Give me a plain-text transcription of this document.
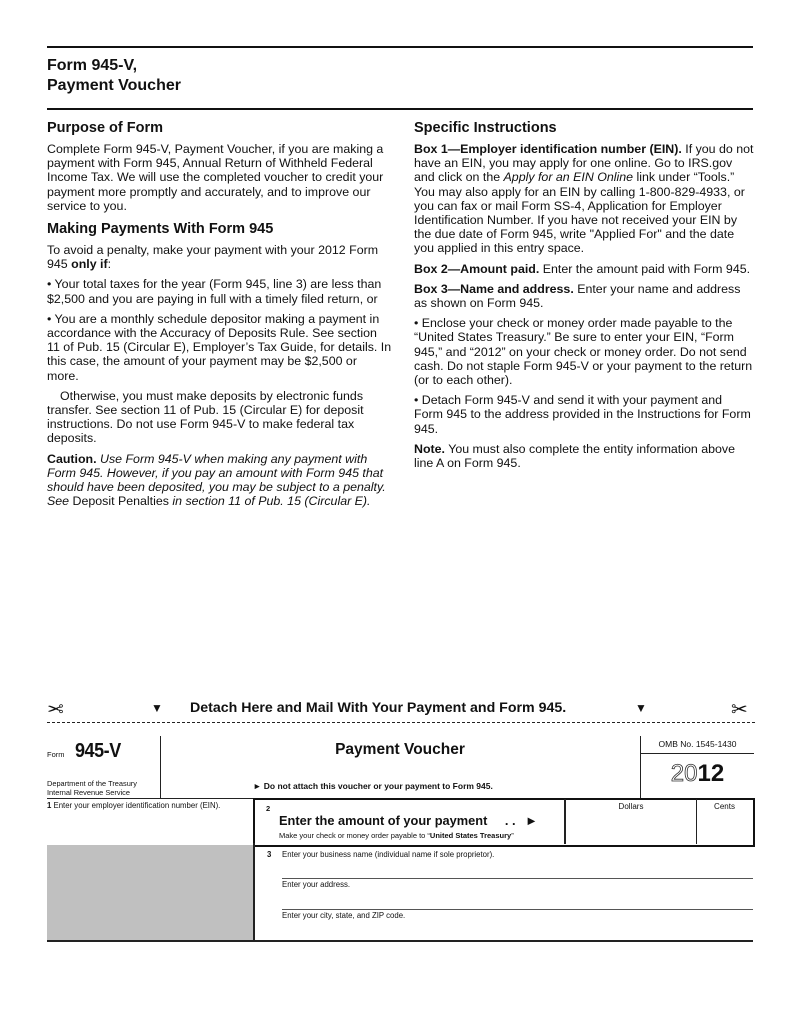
Form 945-V,
Payment Voucher
Purpose of Form

Complete Form 945-V, Payment Voucher, if you are making a payment with Form 945, Annual Return of Withheld Federal Income Tax. We will use the completed voucher to credit your payment more promptly and accurately, and to improve our service to you.

Making Payments With Form 945

To avoid a penalty, make your payment with your 2012 Form 945 only if:

• Your total taxes for the year (Form 945, line 3) are less than $2,500 and you are paying in full with a timely filed return, or

• You are a monthly schedule depositor making a payment in accordance with the Accuracy of Deposits Rule. See section 11 of Pub. 15 (Circular E), Employer’s Tax Guide, for details. In this case, the amount of your payment may be $2,500 or more.

Otherwise, you must make deposits by electronic funds transfer. See section 11 of Pub. 15 (Circular E) for deposit instructions. Do not use Form 945-V to make federal tax deposits.

Caution. Use Form 945-V when making any payment with Form 945. However, if you pay an amount with Form 945 that should have been deposited, you may be subject to a penalty. See Deposit Penalties in section 11 of Pub. 15 (Circular E).

Specific Instructions

Box 1—Employer identification number (EIN). If you do not have an EIN, you may apply for one online. Go to IRS.gov and click on the Apply for an EIN Online link under “Tools.” You may also apply for an EIN by calling 1-800-829-4933, or you can fax or mail Form SS-4, Application for Employer Identification Number. If you have not received your EIN by the due date of Form 945, write "Applied For" and the date you applied in this entry space.

Box 2—Amount paid. Enter the amount paid with Form 945.

Box 3—Name and address. Enter your name and address as shown on Form 945.

• Enclose your check or money order made payable to the “United States Treasury.” Be sure to enter your EIN, “Form 945,” and “2012” on your check or money order. Do not send cash. Do not staple Form 945-V or your payment to the return (or to each other).

• Detach Form 945-V and send it with your payment and Form 945 to the address provided in the Instructions for Form 945.

Note. You must also complete the entity information above line A on Form 945.

✂	▼ Detach Here and Mail With Your Payment and Form 945.	▼	✂
Form 945-V
Department of the Treasury
Internal Revenue Service
Payment Voucher
► Do not attach this voucher or your payment to Form 945.
OMB No. 1545-1430
2012
1 Enter your employer identification number (EIN).	2
Enter the amount of your payment . . ►
Make your check or money order payable to “United States Treasury”
Dollars	Cents
3 Enter your business name (individual name if sole proprietor).
Enter your address.
Enter your city, state, and ZIP code.
